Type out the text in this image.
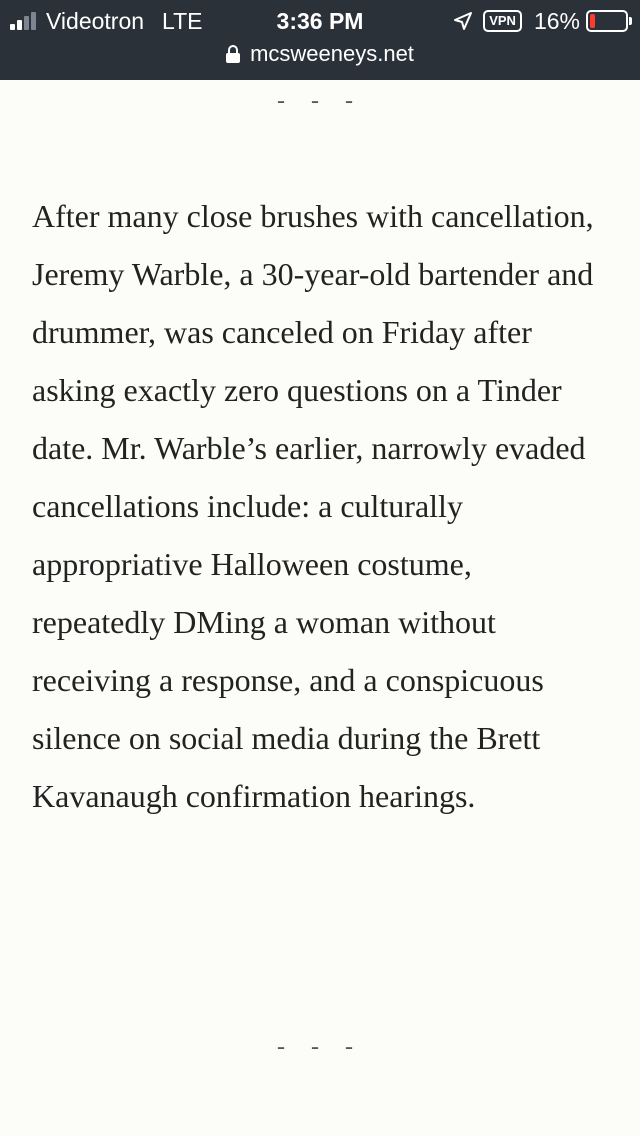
Videotron LTE	3:36 PM	VPN 16%
mcsweeneys.net
- - -

After many close brushes with cancellation, Jeremy Warble, a 30-year-old bartender and drummer, was canceled on Friday after asking exactly zero questions on a Tinder date. Mr. Warble’s earlier, narrowly evaded cancellations include: a culturally appropriative Halloween costume, repeatedly DMing a woman without receiving a response, and a conspicuous silence on social media during the Brett Kavanaugh confirmation hearings.

- - -
